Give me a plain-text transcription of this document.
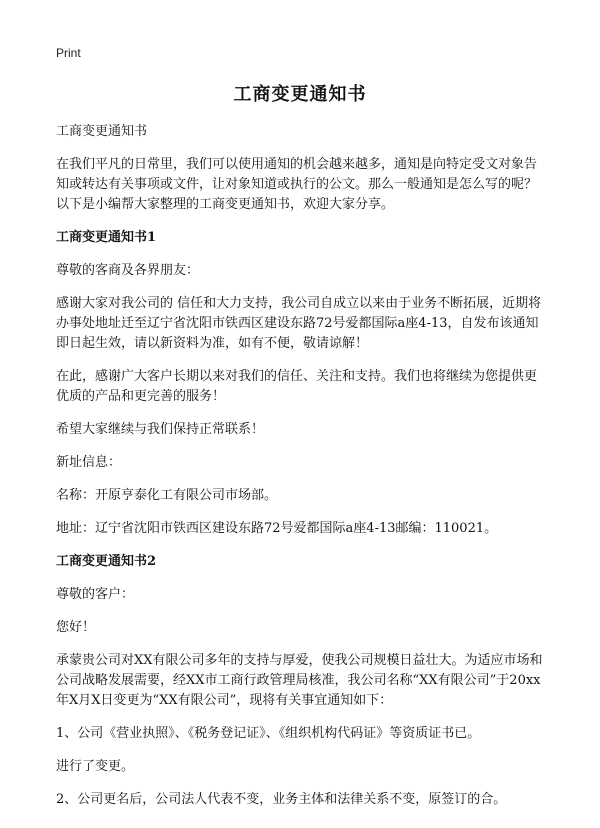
Print
工商变更通知书

工商变更通知书

在我们平凡的日常里，我们可以使用通知的机会越来越多，通知是向特定受文对象告知或转达有关事项或文件，让对象知道或执行的公文。那么一般通知是怎么写的呢？以下是小编帮大家整理的工商变更通知书，欢迎大家分享。

工商变更通知书1

尊敬的客商及各界朋友：

感谢大家对我公司的 信任和大力支持，我公司自成立以来由于业务不断拓展，近期将办事处地址迁至辽宁省沈阳市铁西区建设东路72号爱都国际a座4-13，自发布该通知即日起生效，请以新资料为准，如有不便，敬请谅解！

在此，感谢广大客户长期以来对我们的信任、关注和支持。我们也将继续为您提供更优质的产品和更完善的服务！

希望大家继续与我们保持正常联系！

新址信息：

名称：开原亨泰化工有限公司市场部。

地址：辽宁省沈阳市铁西区建设东路72号爱都国际a座4-13邮编：110021。

工商变更通知书2

尊敬的客户：

您好！

承蒙贵公司对XX有限公司多年的支持与厚爱，使我公司规模日益壮大。为适应市场和公司战略发展需要，经XX市工商行政管理局核准，我公司名称“XX有限公司”于20xx年X月X日变更为“XX有限公司”，现将有关事宜通知如下：

1、公司《营业执照》、《税务登记证》、《组织机构代码证》等资质证书已。

进行了变更。

2、公司更名后，公司法人代表不变，业务主体和法律关系不变，原签订的合。
